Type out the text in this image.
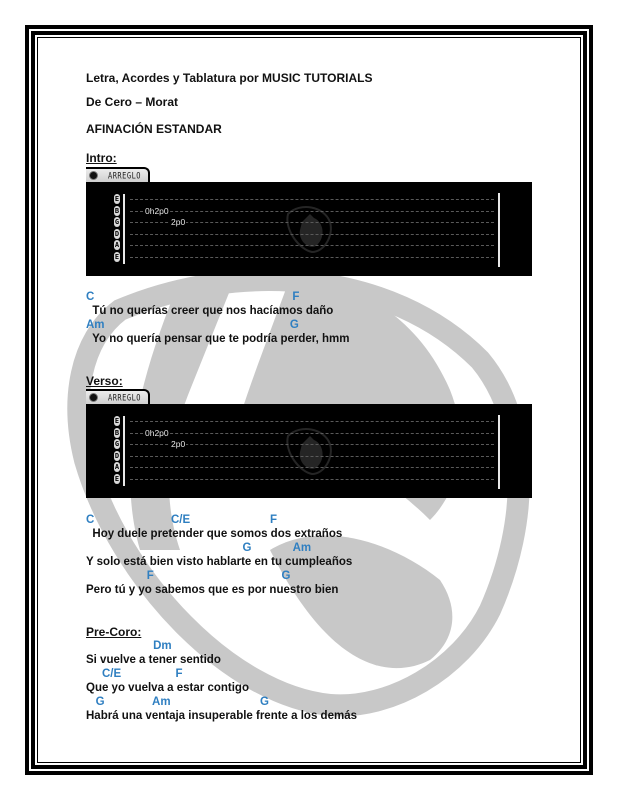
Letra, Acordes y Tablatura por MUSIC TUTORIALS
De Cero – Morat
AFINACIÓN ESTANDAR
Intro:
C                                                              F
Tú no querías creer que nos hacíamos daño
Am                                                          G
Yo no quería pensar que te podría perder, hmm
Verso:
C                        C/E                         F
Hoy duele pretender que somos dos extraños
G             Am
Y solo está bien visto hablarte en tu cumpleaños
F                                        G
Pero tú y yo sabemos que es por nuestro bien
Pre-Coro:
Dm
Si vuelve a tener sentido
C/E                 F
Que yo vuelva a estar contigo
G               Am                            G
Habrá una ventaja insuperable frente a los demás
ARREGLO
E
B	0h2p0
G	2p0
D
A
E
ARREGLO
E
B	0h2p0
G	2p0
D
A
E
